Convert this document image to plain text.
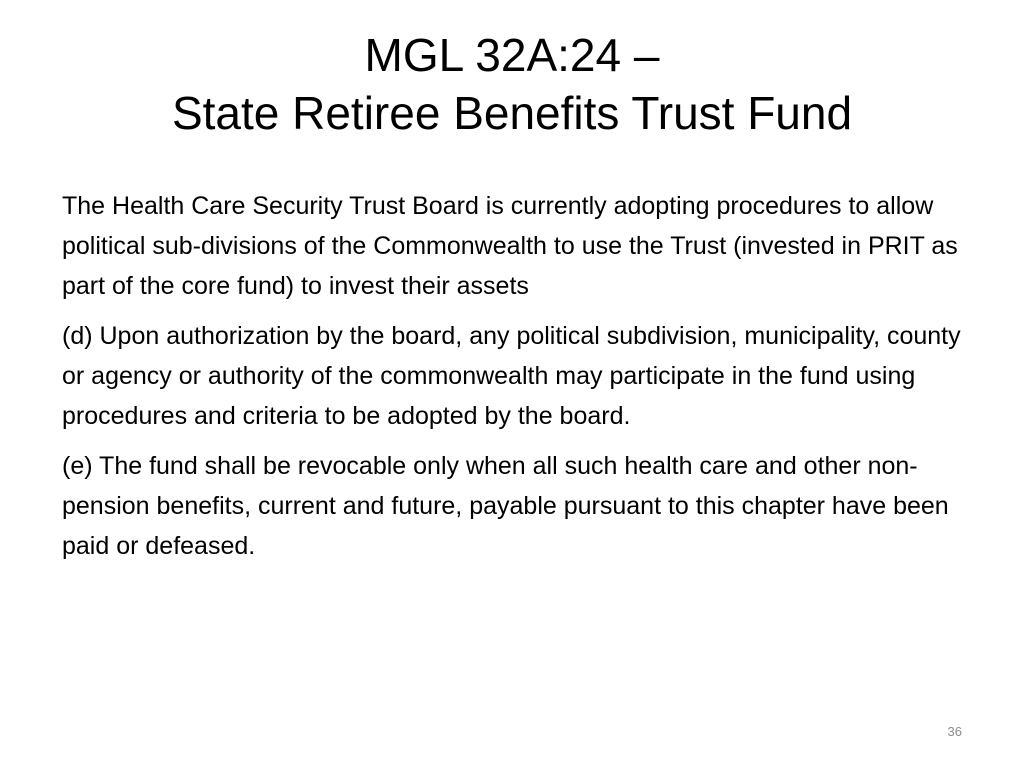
MGL 32A:24 –
State Retiree Benefits Trust Fund

The Health Care Security Trust Board is currently adopting procedures to allow political sub-divisions of the Commonwealth to use the Trust (invested in PRIT as part of the core fund) to invest their assets

(d) Upon authorization by the board, any political subdivision, municipality, county or agency or authority of the commonwealth may participate in the fund using procedures and criteria to be adopted by the board.

(e) The fund shall be revocable only when all such health care and other non-pension benefits, current and future, payable pursuant to this chapter have been paid or defeased.

36
